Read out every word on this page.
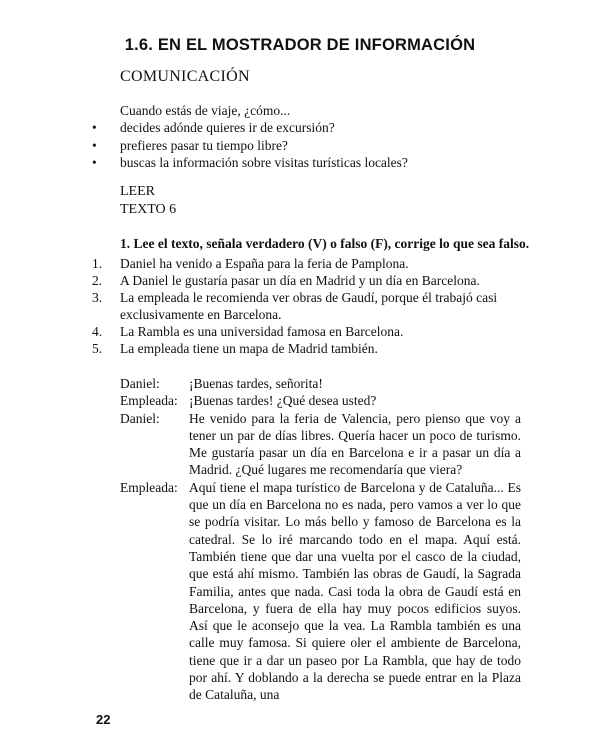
1.6. EN EL MOSTRADOR DE INFORMACIÓN
COMUNICACIÓN
Cuando estás de viaje, ¿cómo...
• decides adónde quieres ir de excursión?
• prefieres pasar tu tiempo libre?
• buscas la información sobre visitas turísticas locales?
LEER
TEXTO 6
1. Lee el texto, señala verdadero (V) o falso (F), corrige lo que sea falso.
1. Daniel ha venido a España para la feria de Pamplona.
2. A Daniel le gustaría pasar un día en Madrid y un día en Barcelona.
3. La empleada le recomienda ver obras de Gaudí, porque él trabajó casi exclusivamente en Barcelona.
4. La Rambla es una universidad famosa en Barcelona.
5. La empleada tiene un mapa de Madrid también.
Daniel: ¡Buenas tardes, señorita!
Empleada: ¡Buenas tardes! ¿Qué desea usted?
Daniel: He venido para la feria de Valencia, pero pienso que voy a tener un par de días libres. Quería hacer un poco de turismo. Me gustaría pasar un día en Barcelona e ir a pasar un día a Madrid. ¿Qué lugares me recomendaría que viera?
Empleada: Aquí tiene el mapa turístico de Barcelona y de Cataluña... Es que un día en Barcelona no es nada, pero vamos a ver lo que se podría visitar. Lo más bello y famoso de Barcelona es la catedral. Se lo iré marcando todo en el mapa. Aquí está. También tiene que dar una vuelta por el casco de la ciudad, que está ahí mismo. También las obras de Gaudí, la Sagrada Familia, antes que nada. Casi toda la obra de Gaudí está en Barcelona, y fuera de ella hay muy pocos edificios suyos. Así que le aconsejo que la vea. La Rambla también es una calle muy famosa. Si quiere oler el ambiente de Barcelona, tiene que ir a dar un paseo por La Rambla, que hay de todo por ahí. Y doblando a la derecha se puede entrar en la Plaza de Cataluña, una
22
